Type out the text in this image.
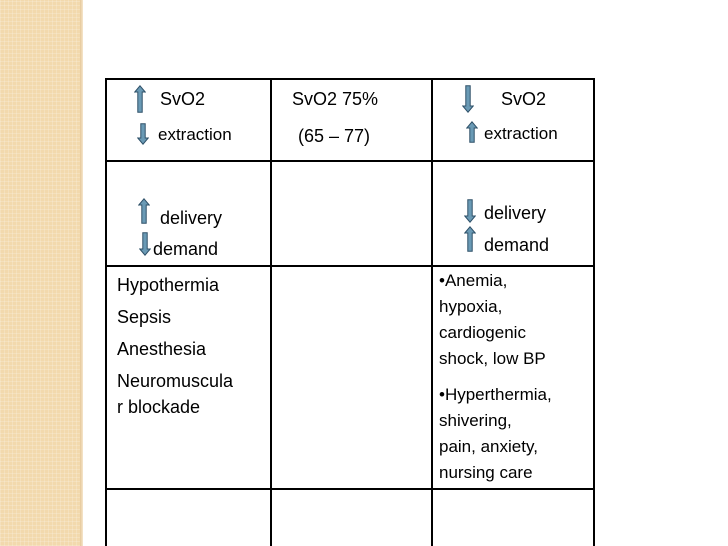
SvO2
extraction
SvO2 75%
(65 – 77)
SvO2
extraction
delivery
demand
delivery
demand
Hypothermia
Sepsis
Anesthesia
Neuromuscula
r blockade
•Anemia,
hypoxia,
cardiogenic
shock, low BP
•Hyperthermia,
shivering,
pain, anxiety,
nursing care
